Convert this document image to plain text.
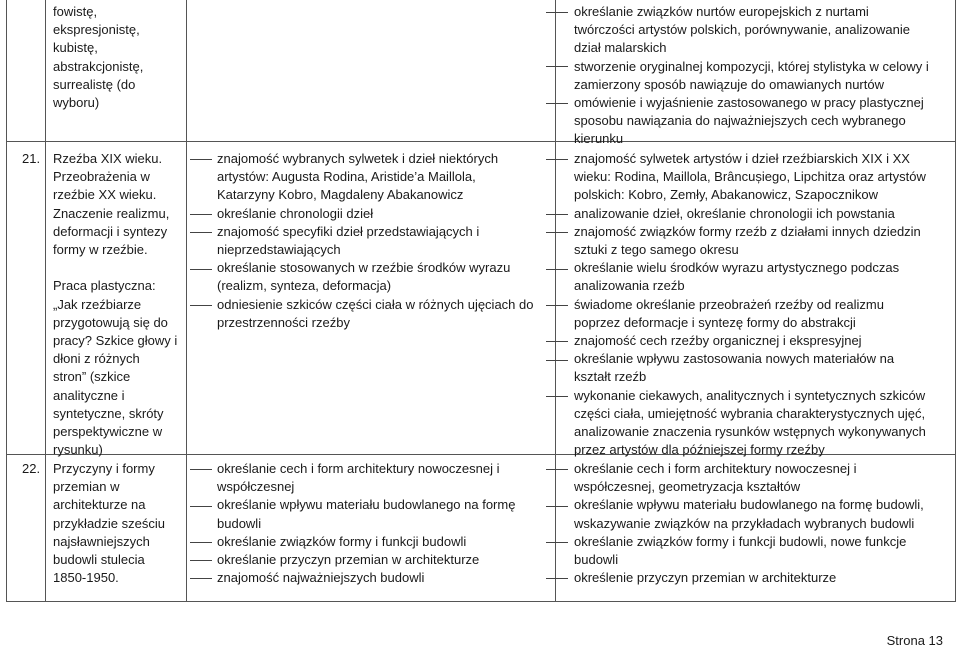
fowistę,
ekspresjonistę,
kubistę,
abstrakcjonistę,
surrealistę (do
wyboru)
określanie związków nurtów europejskich z nurtami
twórczości artystów polskich, porównywanie, analizowanie
dział malarskich
stworzenie oryginalnej kompozycji, której stylistyka w celowy i
zamierzony sposób nawiązuje do omawianych nurtów
omówienie i wyjaśnienie zastosowanego w pracy plastycznej
sposobu nawiązania do najważniejszych cech wybranego
kierunku
21. Rzeźba XIX wieku.
Przeobrażenia w
rzeźbie XX wieku.
Znaczenie realizmu,
deformacji i syntezy
formy w rzeźbie.

Praca plastyczna:
„Jak rzeźbiarze
przygotowują się do
pracy? Szkice głowy i
dłoni z różnych
stron” (szkice
analityczne i
syntetyczne, skróty
perspektywiczne w
rysunku)
znajomość wybranych sylwetek i dzieł niektórych
artystów: Augusta Rodina, Aristide’a Maillola,
Katarzyny Kobro, Magdaleny Abakanowicz
określanie chronologii dzieł
znajomość specyfiki dzieł przedstawiających i
nieprzedstawiających
określanie stosowanych w rzeźbie środków wyrazu
(realizm, synteza, deformacja)
odniesienie szkiców części ciała w różnych ujęciach do
przestrzenności rzeźby
znajomość sylwetek artystów i dzieł rzeźbiarskich XIX i XX
wieku: Rodina, Maillola, Brâncușiego, Lipchitza oraz artystów
polskich: Kobro, Zemły, Abakanowicz, Szapocznikow
analizowanie dzieł, określanie chronologii ich powstania
znajomość związków formy rzeźb z działami innych dziedzin
sztuki z tego samego okresu
określanie wielu środków wyrazu artystycznego podczas
analizowania rzeźb
świadome określanie przeobrażeń rzeźby od realizmu
poprzez deformacje i syntezę formy do abstrakcji
znajomość cech rzeźby organicznej i ekspresyjnej
określanie wpływu zastosowania nowych materiałów na
kształt rzeźb
wykonanie ciekawych, analitycznych i syntetycznych szkiców
części ciała, umiejętność wybrania charakterystycznych ujęć,
analizowanie znaczenia rysunków wstępnych wykonywanych
przez artystów dla późniejszej formy rzeźby
22. Przyczyny i formy
przemian w
architekturze na
przykładzie sześciu
najsławniejszych
budowli stulecia
1850-1950.
określanie cech i form architektury nowoczesnej i
współczesnej
określanie wpływu materiału budowlanego na formę
budowli
określanie związków formy i funkcji budowli
określanie przyczyn przemian w architekturze
znajomość najważniejszych budowli
określanie cech i form architektury nowoczesnej i
współczesnej, geometryzacja kształtów
określanie wpływu materiału budowlanego na formę budowli,
wskazywanie związków na przykładach wybranych budowli
określanie związków formy i funkcji budowli, nowe funkcje
budowli
określenie przyczyn przemian w architekturze
Strona 13
